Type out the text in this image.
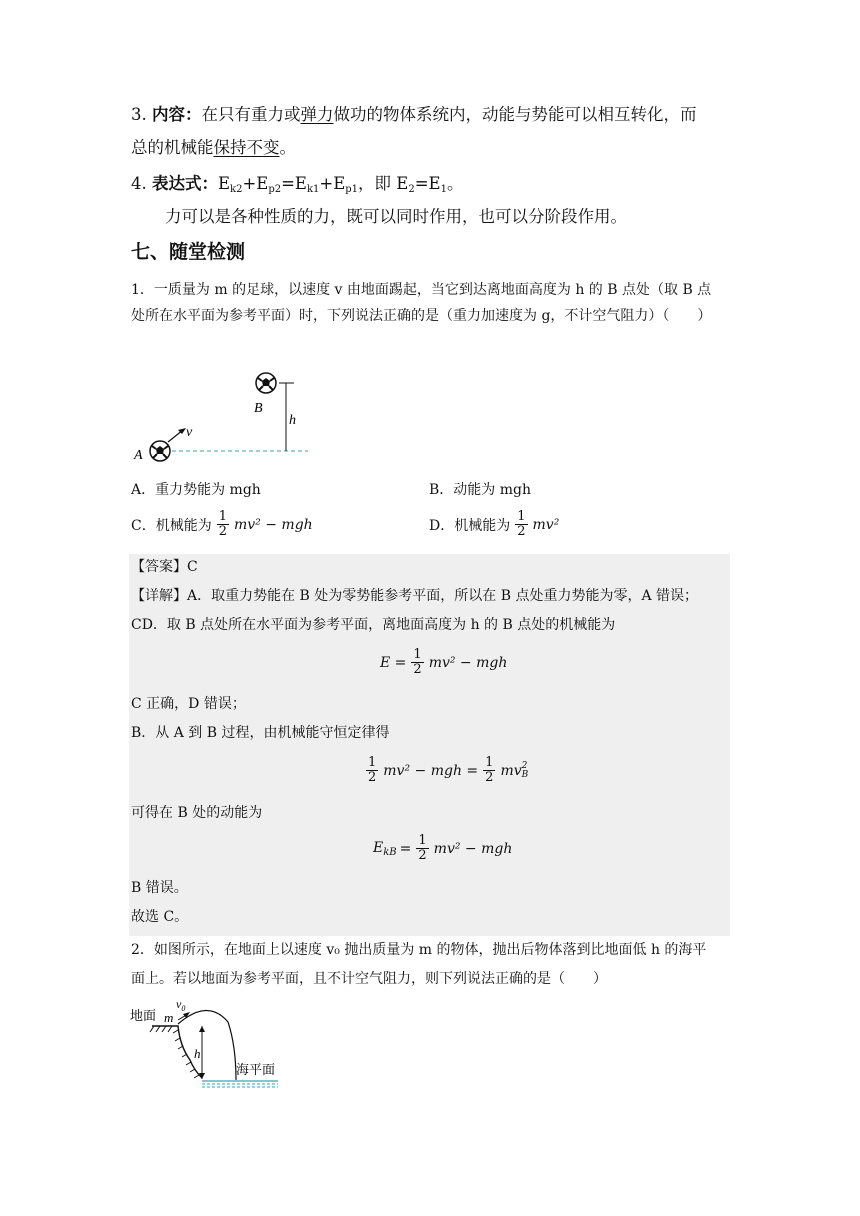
3. 内容：在只有重力或弹力做功的物体系统内，动能与势能可以相互转化，而
总的机械能保持不变。
4. 表达式：$E_{k2}+E_{p2}=E_{k1}+E_{p1}$，即 $E_2=E_1$。
力可以是各种性质的力，既可以同时作用，也可以分阶段作用。
七、随堂检测
1．一质量为 m 的足球，以速度 v 由地面踢起，当它到达离地面高度为 h 的 B 点处（取 B 点
处所在水平面为参考平面）时，下列说法正确的是（重力加速度为 g，不计空气阻力）（　　）
v
A
B
h
A．重力势能为 mgh	B．动能为 mgh
C．机械能为 $\frac{1}{2} mv^2$ − mgh	D．机械能为 $\frac{1}{2} mv^2$
【答案】C
【详解】A．取重力势能在 B 处为零势能参考平面，所以在 B 点处重力势能为零，A 错误；
CD．取 B 点处所在水平面为参考平面，离地面高度为 h 的 B 点处的机械能为
$E = \frac{1}{2} mv^2$ − mgh
C 正确，D 错误；
B．从 A 到 B 过程，由机械能守恒定律得
$\frac{1}{2} mv^2$ − mgh = $\frac{1}{2}$ mv 2
B
可得在 B 处的动能为
$E_{kB} = \frac{1}{2} mv^2$ − mgh
B 错误。
故选 C。
2．如图所示，在地面上以速度 v₀ 抛出质量为 m 的物体，抛出后物体落到比地面低 h 的海平
面上。若以地面为参考平面，且不计空气阻力，则下列说法正确的是（　　）
地面 m
$v_0$
h
海平面
